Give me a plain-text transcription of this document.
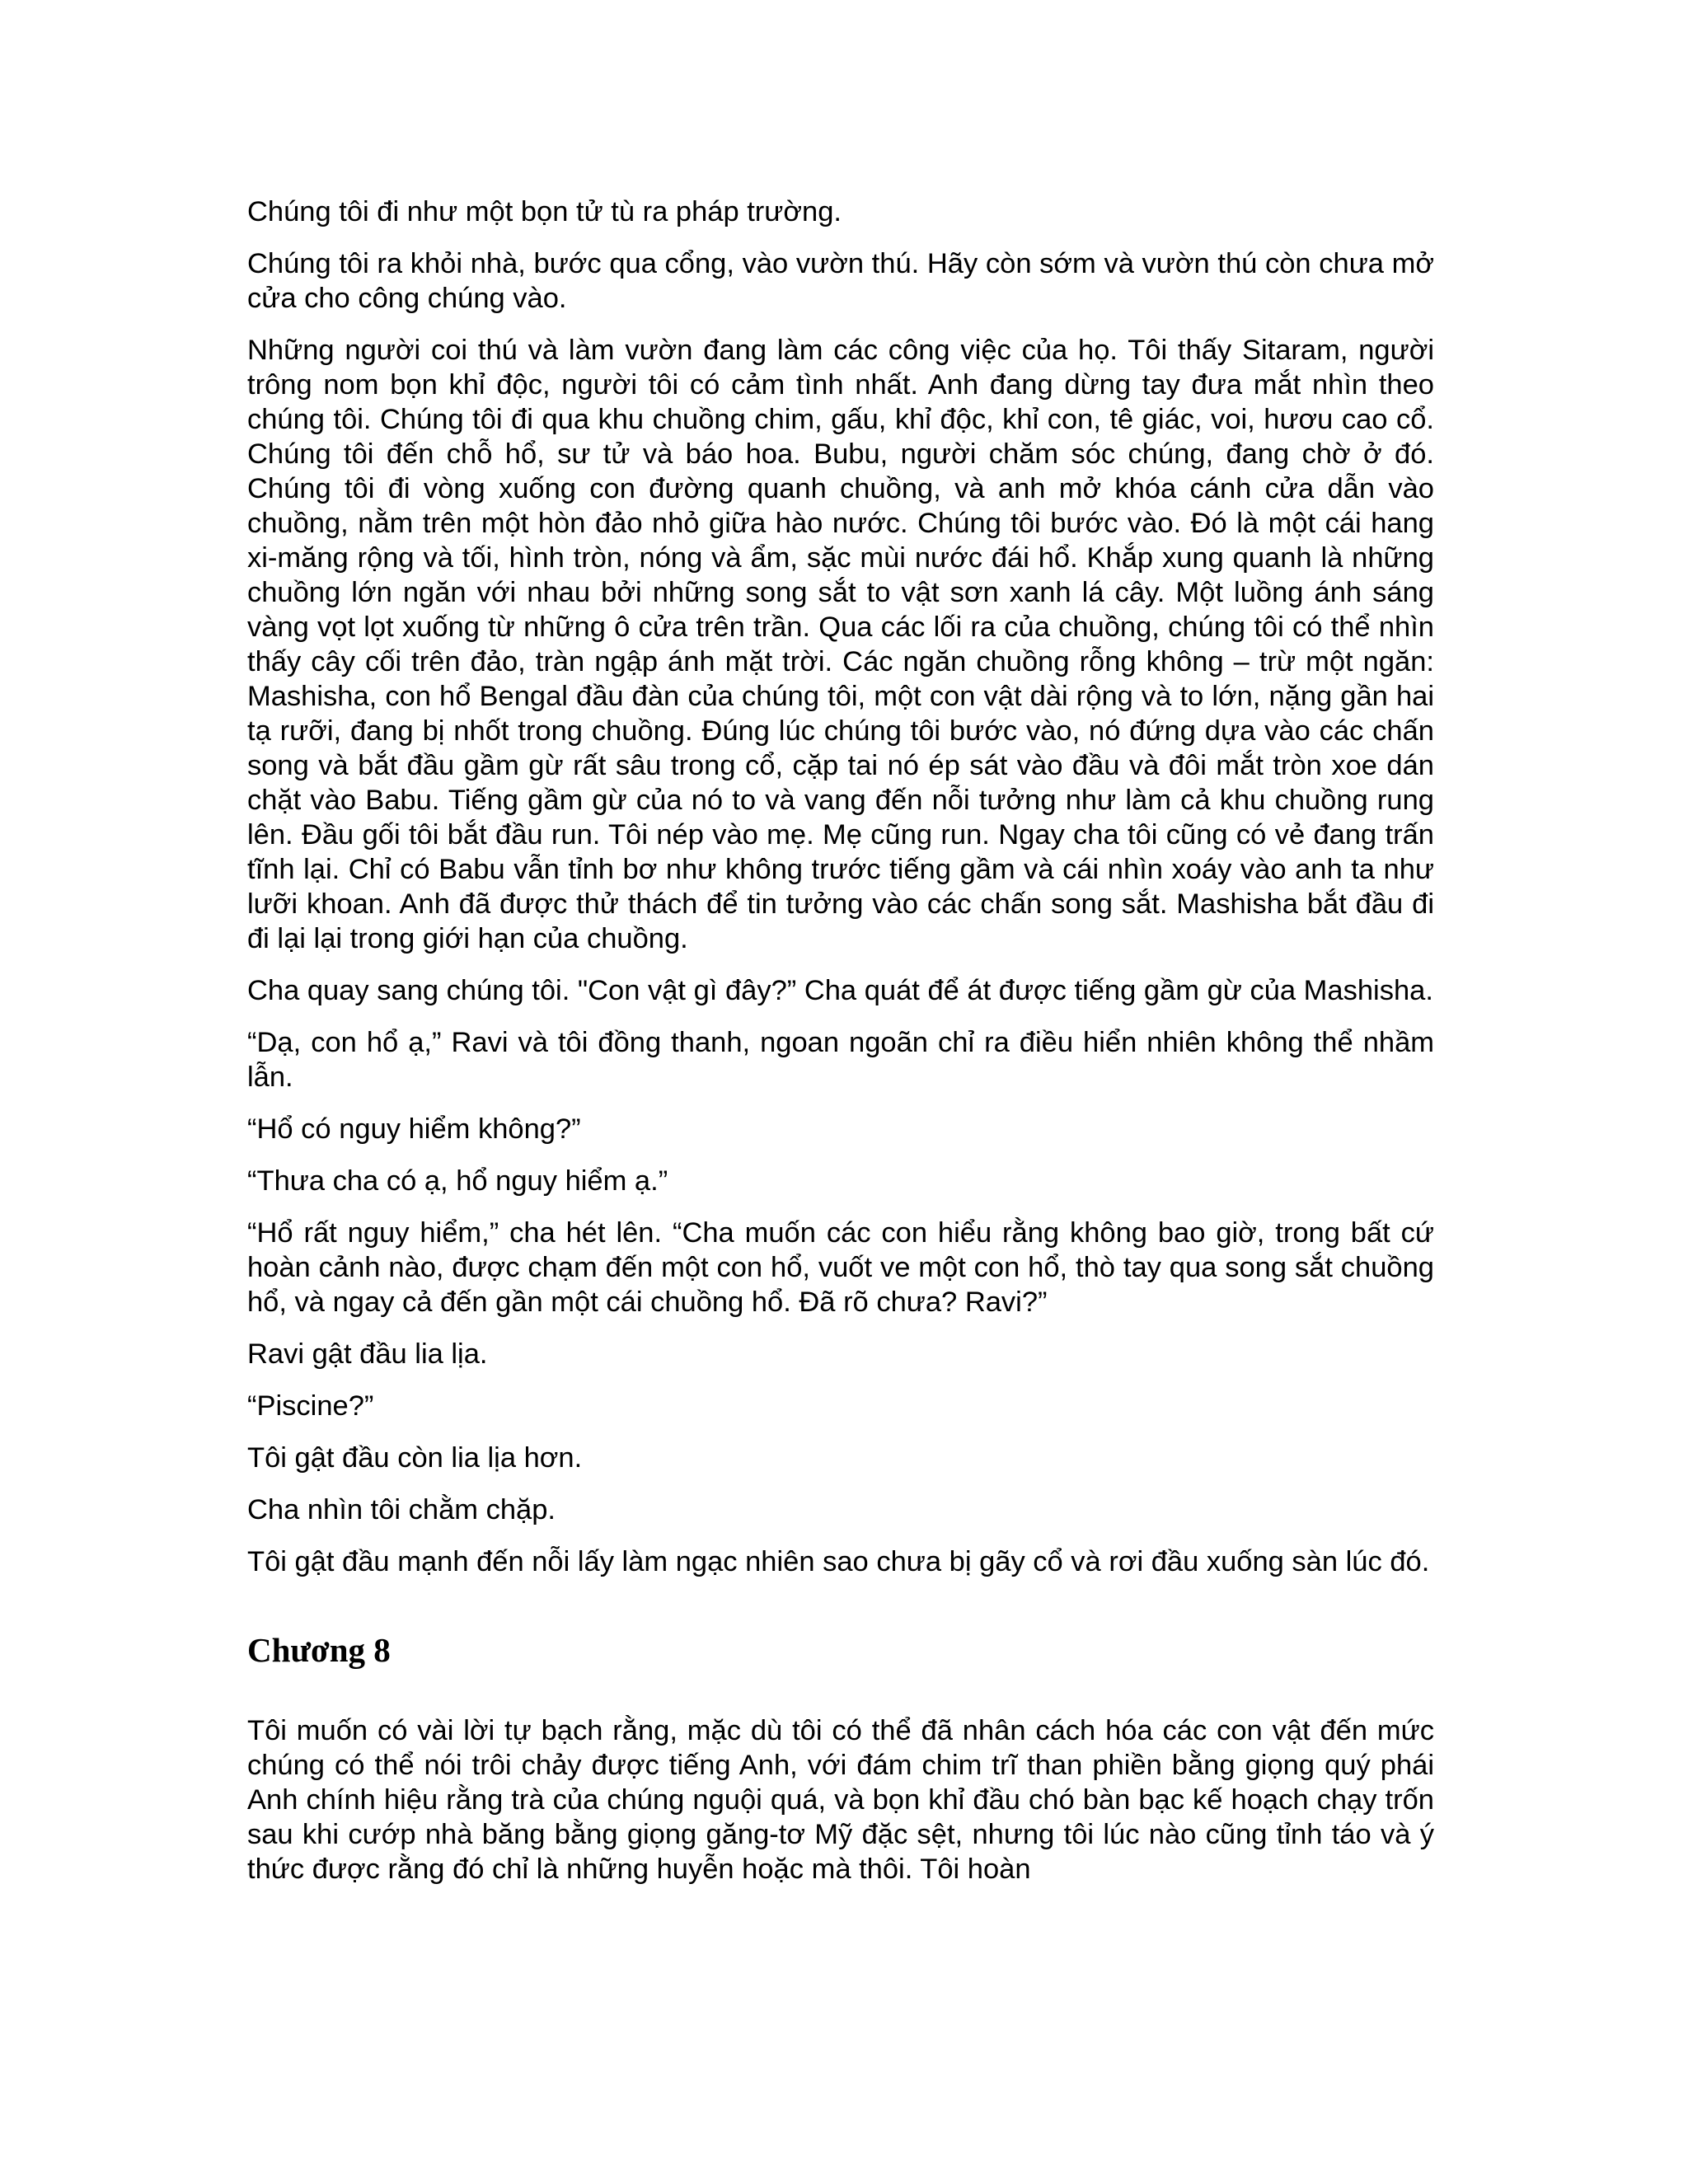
Chúng tôi đi như một bọn tử tù ra pháp trường.

Chúng tôi ra khỏi nhà, bước qua cổng, vào vườn thú. Hãy còn sớm và vườn thú còn chưa mở cửa cho công chúng vào.

Những người coi thú và làm vườn đang làm các công việc của họ. Tôi thấy Sitaram, người trông nom bọn khỉ độc, người tôi có cảm tình nhất. Anh đang dừng tay đưa mắt nhìn theo chúng tôi. Chúng tôi đi qua khu chuồng chim, gấu, khỉ độc, khỉ con, tê giác, voi, hươu cao cổ. Chúng tôi đến chỗ hổ, sư tử và báo hoa. Bubu, người chăm sóc chúng, đang chờ ở đó. Chúng tôi đi vòng xuống con đường quanh chuồng, và anh mở khóa cánh cửa dẫn vào chuồng, nằm trên một hòn đảo nhỏ giữa hào nước. Chúng tôi bước vào. Đó là một cái hang xi-măng rộng và tối, hình tròn, nóng và ẩm, sặc mùi nước đái hổ. Khắp xung quanh là những chuồng lớn ngăn với nhau bởi những song sắt to vật sơn xanh lá cây. Một luồng ánh sáng vàng vọt lọt xuống từ những ô cửa trên trần. Qua các lối ra của chuồng, chúng tôi có thể nhìn thấy cây cối trên đảo, tràn ngập ánh mặt trời. Các ngăn chuồng rỗng không – trừ một ngăn: Mashisha, con hổ Bengal đầu đàn của chúng tôi, một con vật dài rộng và to lớn, nặng gần hai tạ rưỡi, đang bị nhốt trong chuồng. Đúng lúc chúng tôi bước vào, nó đứng dựa vào các chấn song và bắt đầu gầm gừ rất sâu trong cổ, cặp tai nó ép sát vào đầu và đôi mắt tròn xoe dán chặt vào Babu. Tiếng gầm gừ của nó to và vang đến nỗi tưởng như làm cả khu chuồng rung lên. Đầu gối tôi bắt đầu run. Tôi nép vào mẹ. Mẹ cũng run. Ngay cha tôi cũng có vẻ đang trấn tĩnh lại. Chỉ có Babu vẫn tỉnh bơ như không trước tiếng gầm và cái nhìn xoáy vào anh ta như lưỡi khoan. Anh đã được thử thách để tin tưởng vào các chấn song sắt. Mashisha bắt đầu đi đi lại lại trong giới hạn của chuồng.

Cha quay sang chúng tôi. "Con vật gì đây?” Cha quát để át được tiếng gầm gừ của Mashisha.

“Dạ, con hổ ạ,” Ravi và tôi đồng thanh, ngoan ngoãn chỉ ra điều hiển nhiên không thể nhầm lẫn.

“Hổ có nguy hiểm không?”

“Thưa cha có ạ, hổ nguy hiểm ạ.”

“Hổ rất nguy hiểm,” cha hét lên. “Cha muốn các con hiểu rằng không bao giờ, trong bất cứ hoàn cảnh nào, được chạm đến một con hổ, vuốt ve một con hổ, thò tay qua song sắt chuồng hổ, và ngay cả đến gần một cái chuồng hổ. Đã rõ chưa? Ravi?”

Ravi gật đầu lia lịa.

“Piscine?”

Tôi gật đầu còn lia lịa hơn.

Cha nhìn tôi chằm chặp.

Tôi gật đầu mạnh đến nỗi lấy làm ngạc nhiên sao chưa bị gãy cổ và rơi đầu xuống sàn lúc đó.

Chương 8

Tôi muốn có vài lời tự bạch rằng, mặc dù tôi có thể đã nhân cách hóa các con vật đến mức chúng có thể nói trôi chảy được tiếng Anh, với đám chim trĩ than phiền bằng giọng quý phái Anh chính hiệu rằng trà của chúng nguội quá, và bọn khỉ đầu chó bàn bạc kế hoạch chạy trốn sau khi cướp nhà băng bằng giọng găng-tơ Mỹ đặc sệt, nhưng tôi lúc nào cũng tỉnh táo và ý thức được rằng đó chỉ là những huyễn hoặc mà thôi. Tôi hoàn
